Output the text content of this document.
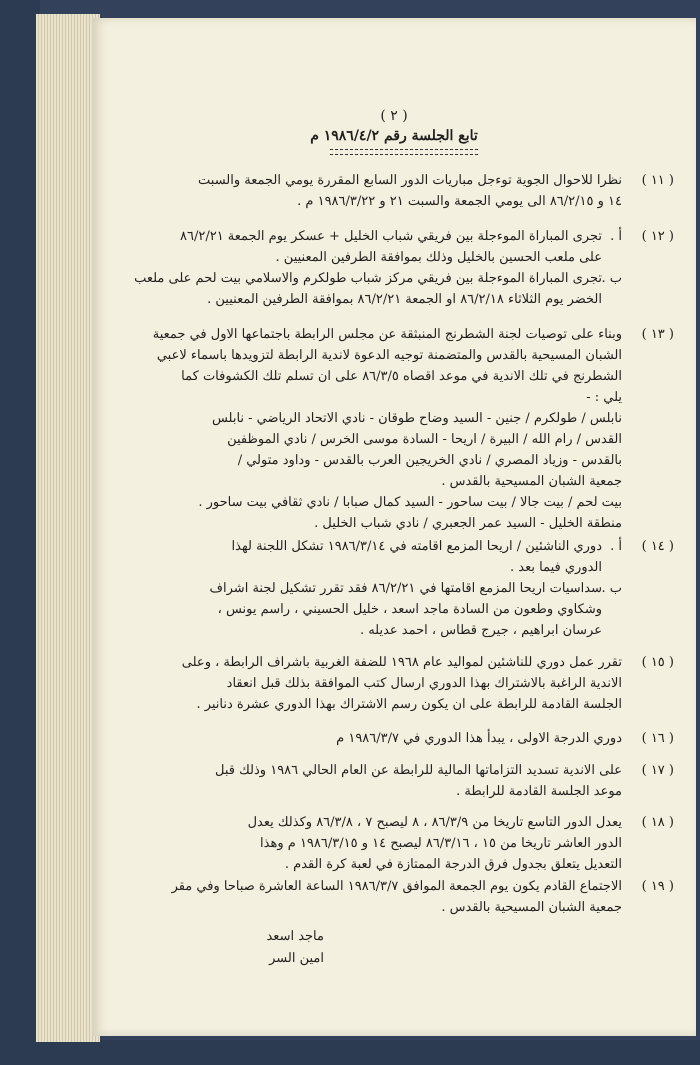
( ٢ )
تابع الجلسة رقم ١٩٨٦/٤/٢ م
( ١١ )

نظرا للاحوال الجوية توءجل مباريات الدور السابع المقررة يومي الجمعة والسبت

١٤ و ٨٦/٢/١٥ الى يومي الجمعة والسبت ٢١ و ١٩٨٦/٣/٢٢ م .

( ١٢ )
أ .

تجرى المباراة الموءجلة بين فريقي شباب الخليل + عسكر يوم الجمعة ٨٦/٢/٢١

على ملعب الحسين بالخليل وذلك بموافقة الطرفين المعنيين .

ب .

تجرى المباراة الموءجلة بين فريقي مركز شباب طولكرم والاسلامي بيت لحم على ملعب

الخضر يوم الثلاثاء ٨٦/٢/١٨ او الجمعة ٨٦/٢/٢١ بموافقة الطرفين المعنيين .

( ١٣ )

وبناء على توصيات لجنة الشطرنج المنبثقة عن مجلس الرابطة باجتماعها الاول في جمعية

الشبان المسيحية بالقدس والمتضمنة توجيه الدعوة لاندية الرابطة لتزويدها باسماء لاعبي

الشطرنج في تلك الاندية في موعد اقصاه ٨٦/٣/٥ على ان تسلم تلك الكشوفات كما

يلي : -

نابلس / طولكرم / جنين - السيد وضاح طوقان - نادي الاتحاد الرياضي - نابلس

القدس / رام الله / البيرة / اريحا - السادة موسى الخرس / نادي الموظفين

بالقدس - وزياد المصري / نادي الخريجين العرب بالقدس - وداود متولي /

جمعية الشبان المسيحية بالقدس .

بيت لحم / بيت جالا / بيت ساحور - السيد كمال صبابا / نادي ثقافي بيت ساحور .

منطقة الخليل - السيد عمر الجعبري / نادي شباب الخليل .

( ١٤ )
أ .

دوري الناشئين / اريحا المزمع اقامته في ١٩٨٦/٣/١٤ تشكل اللجنة لهذا

الدوري فيما بعد .

ب .

سداسيات اريحا المزمع اقامتها في ٨٦/٢/٢١ فقد تقرر تشكيل لجنة اشراف

وشكاوي وطعون من السادة ماجد اسعد ، خليل الحسيني ، راسم يونس ،

عرسان ابراهيم ، جيرج قطاس ، احمد عديله .

( ١٥ )

تقرر عمل دوري للناشئين لمواليد عام ١٩٦٨ للضفة الغربية باشراف الرابطة ، وعلى

الاندية الراغبة بالاشتراك بهذا الدوري ارسال كتب الموافقة بذلك قبل انعقاد

الجلسة القادمة للرابطة على ان يكون رسم الاشتراك بهذا الدوري عشرة دنانير .

( ١٦ )

دوري الدرجة الاولى ، يبدأ هذا الدوري في ١٩٨٦/٣/٧ م

( ١٧ )

على الاندية تسديد التزاماتها المالية للرابطة عن العام الحالي ١٩٨٦ وذلك قبل

موعد الجلسة القادمة للرابطة .

( ١٨ )

يعدل الدور التاسع تاريخا من ٨٦/٣/٩ ، ٨ ليصبح ٧ ، ٨٦/٣/٨ وكذلك يعدل

الدور العاشر تاريخا من ١٥ ، ٨٦/٣/١٦ ليصبح ١٤ و ١٩٨٦/٣/١٥ م وهذا

التعديل يتعلق بجدول فرق الدرجة الممتازة في لعبة كرة القدم .

( ١٩ )

الاجتماع القادم يكون يوم الجمعة الموافق ١٩٨٦/٣/٧ الساعة العاشرة صباحا وفي مقر

جمعية الشبان المسيحية بالقدس .

ماجد اسعد
امين السر
